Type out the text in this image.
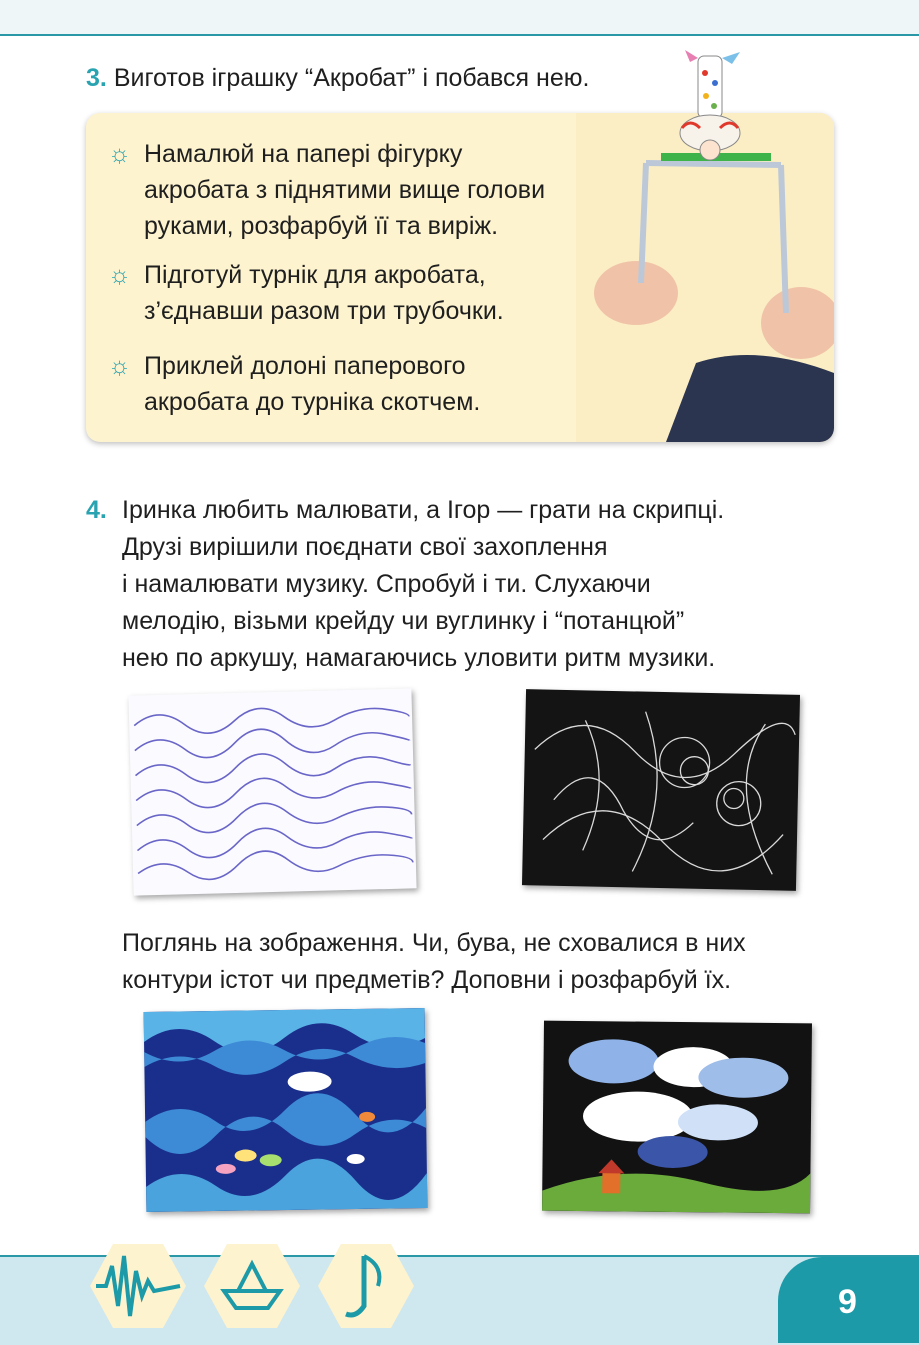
3. Виготов іграшку “Акробат” і побався нею.
☼ Намалюй на папері фігурку
акробата з піднятими вище голови
руками, розфарбуй її та виріж.
☼ Підготуй турнік для акробата,
з’єднавши разом три трубочки.
☼ Приклей долоні паперового
акробата до турніка скотчем.
4. Іринка любить малювати, а Ігор — грати на скрипці.
Друзі вирішили поєднати свої захоплення
і намалювати музику. Спробуй і ти. Слухаючи
мелодію, візьми крейду чи вуглинку і “потанцюй”
нею по аркушу, намагаючись уловити ритм музики.
Поглянь на зображення. Чи, бува, не сховалися в них
контури істот чи предметів? Доповни і розфарбуй їх.
9
